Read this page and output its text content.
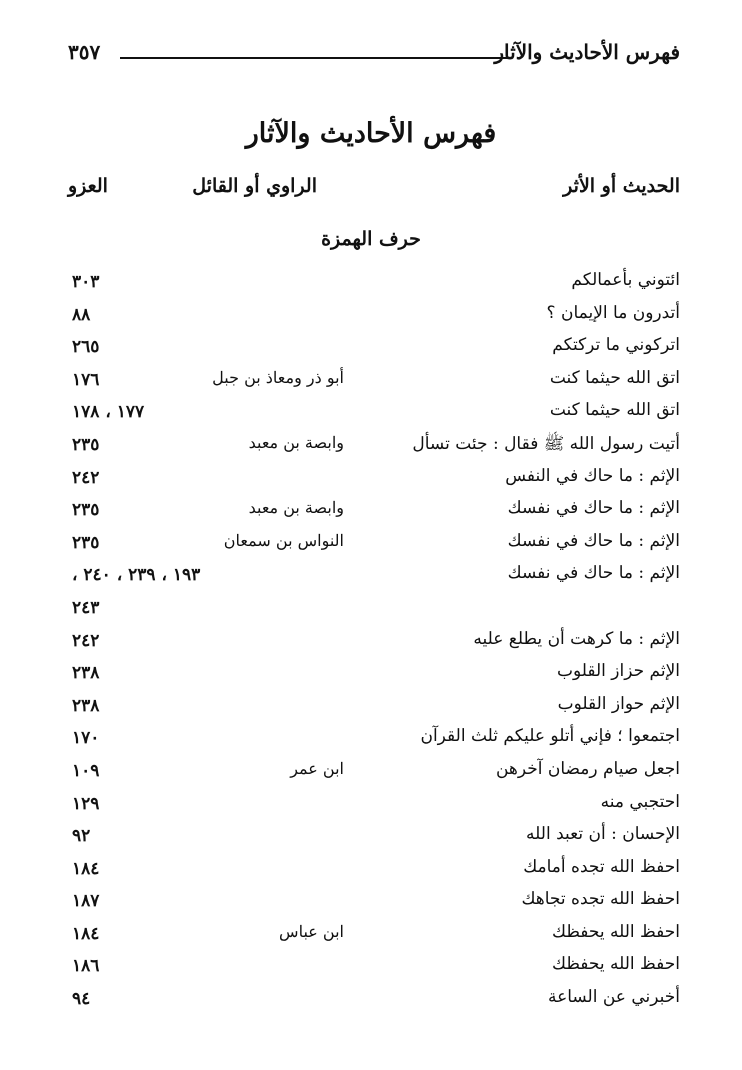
فهرس الأحاديث والآثار
٣٥٧
فهرس الأحاديث والآثار
الحديث أو الأثر
الراوي أو القائل
العزو
حرف الهمزة
ائتوني بأعمالكم
٣٠٣
أتدرون ما الإيمان ؟
٨٨
اتركوني ما تركتكم
٢٦٥
اتق الله حيثما كنت
أبو ذر ومعاذ بن جبل
١٧٦
اتق الله حيثما كنت
١٧٧ ، ١٧٨
أتيت رسول الله ﷺ فقال : جئت تسأل
وابصة بن معبد
٢٣٥
الإثم : ما حاك في النفس
٢٤٢
الإثم : ما حاك في نفسك
وابصة بن معبد
٢٣٥
الإثم : ما حاك في نفسك
النواس بن سمعان
٢٣٥
الإثم : ما حاك في نفسك
١٩٣ ، ٢٣٩ ، ٢٤٠ ،
٢٤٣
الإثم : ما كرهت أن يطلع عليه
٢٤٢
الإثم حزاز القلوب
٢٣٨
الإثم حواز القلوب
٢٣٨
اجتمعوا ؛ فإني أتلو عليكم ثلث القرآن
١٧٠
اجعل صيام رمضان آخرهن
ابن عمر
١٠٩
احتجبي منه
١٢٩
الإحسان : أن تعبد الله
٩٢
احفظ الله تجده أمامك
١٨٤
احفظ الله تجده تجاهك
١٨٧
احفظ الله يحفظك
ابن عباس
١٨٤
احفظ الله يحفظك
١٨٦
أخبرني عن الساعة
٩٤
